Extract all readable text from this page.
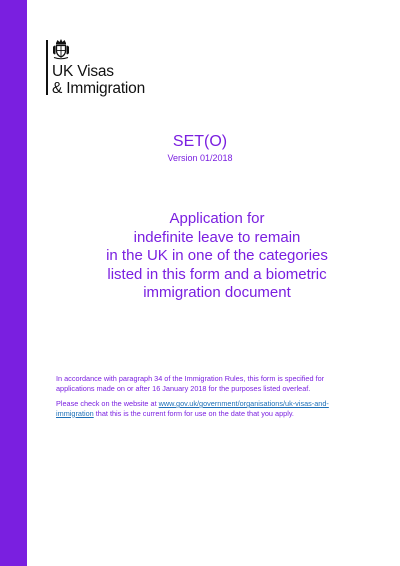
UK Visas
& Immigration
SET(O)
Version 01/2018
Application for
indefinite leave to remain
in the UK in one of the categories
listed in this form and a biometric
immigration document
In accordance with paragraph 34 of the Immigration Rules, this form is specified for
applications made on or after 16 January 2018 for the purposes listed overleaf.
Please check on the website at www.gov.uk/government/organisations/uk-visas-and-
immigration that this is the current form for use on the date that you apply.
